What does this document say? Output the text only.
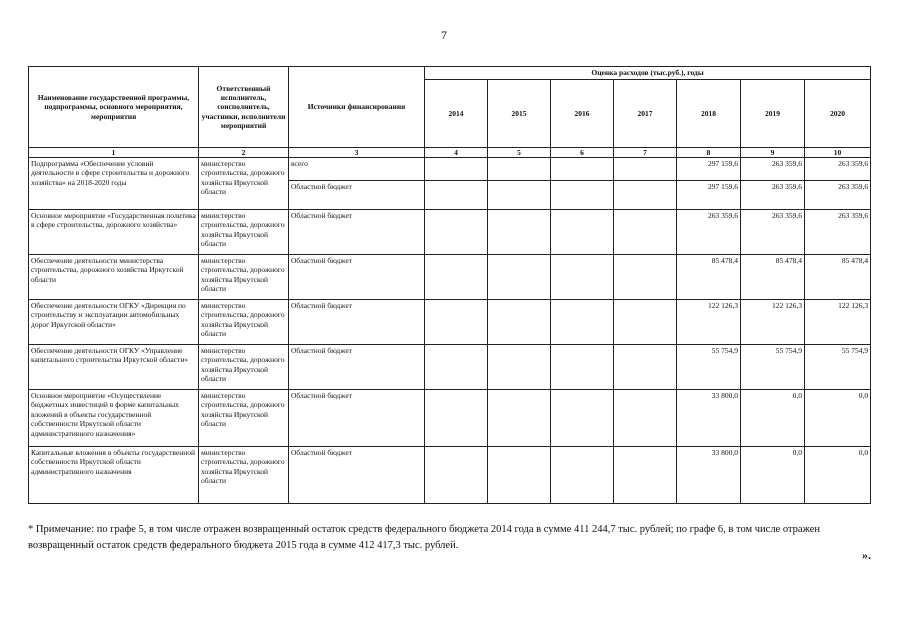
7
Наименование государственной программы, подпрограммы, основного мероприятия, мероприятия	Ответственный исполнитель, соисполнитель, участники, исполнители мероприятий	Источники финансирования	Оценка расходов (тыс.руб.), годы						
			2014	2015	2016	2017	2018	2019	2020
1	2	3	4	5	6	7	8	9	10
Подпрограмма «Обеспечение условий деятельности в сфере строительства и дорожного хозяйства» на 2018-2020 годы	министерство строительства, дорожного хозяйства Иркутской области	всего					297 159,6	263 359,6	263 359,6
		Областной бюджет					297 159,6	263 359,6	263 359,6
Основное мероприятие «Государственная политика в сфере строительства, дорожного хозяйства»	министерство строительства, дорожного хозяйства Иркутской области	Областной бюджет					263 359,6	263 359,6	263 359,6
Обеспечение деятельности министерства строительства, дорожного хозяйства Иркутской области	министерство строительства, дорожного хозяйства Иркутской области	Областной бюджет					85 478,4	85 478,4	85 478,4
Обеспечение деятельности ОГКУ «Дирекция по строительству и эксплуатации автомобильных дорог Иркутской области»	министерство строительства, дорожного хозяйства Иркутской области	Областной бюджет					122 126,3	122 126,3	122 126,3
Обеспечение деятельности ОГКУ «Управление капитального строительства Иркутской области»	министерство строительства, дорожного хозяйства Иркутской области	Областной бюджет					55 754,9	55 754,9	55 754,9
Основное мероприятие «Осуществление бюджетных инвестиций в форме капитальных вложений в объекты государственной собственности Иркутской области административного назначения»	министерство строительства, дорожного хозяйства Иркутской области	Областной бюджет					33 800,0	0,0	0,0
Капитальные вложения в объекты государственной собственности Иркутской области административного назначения	министерство строительства, дорожного хозяйства Иркутской области	Областной бюджет					33 800,0	0,0	0,0
* Примечание: по графе 5, в том числе отражен возвращенный остаток средств федерального бюджета 2014 года в сумме 411 244,7 тыс. рублей; по графе 6, в том числе отражен возвращенный остаток средств федерального бюджета 2015 года в сумме 412 417,3 тыс. рублей.
».
